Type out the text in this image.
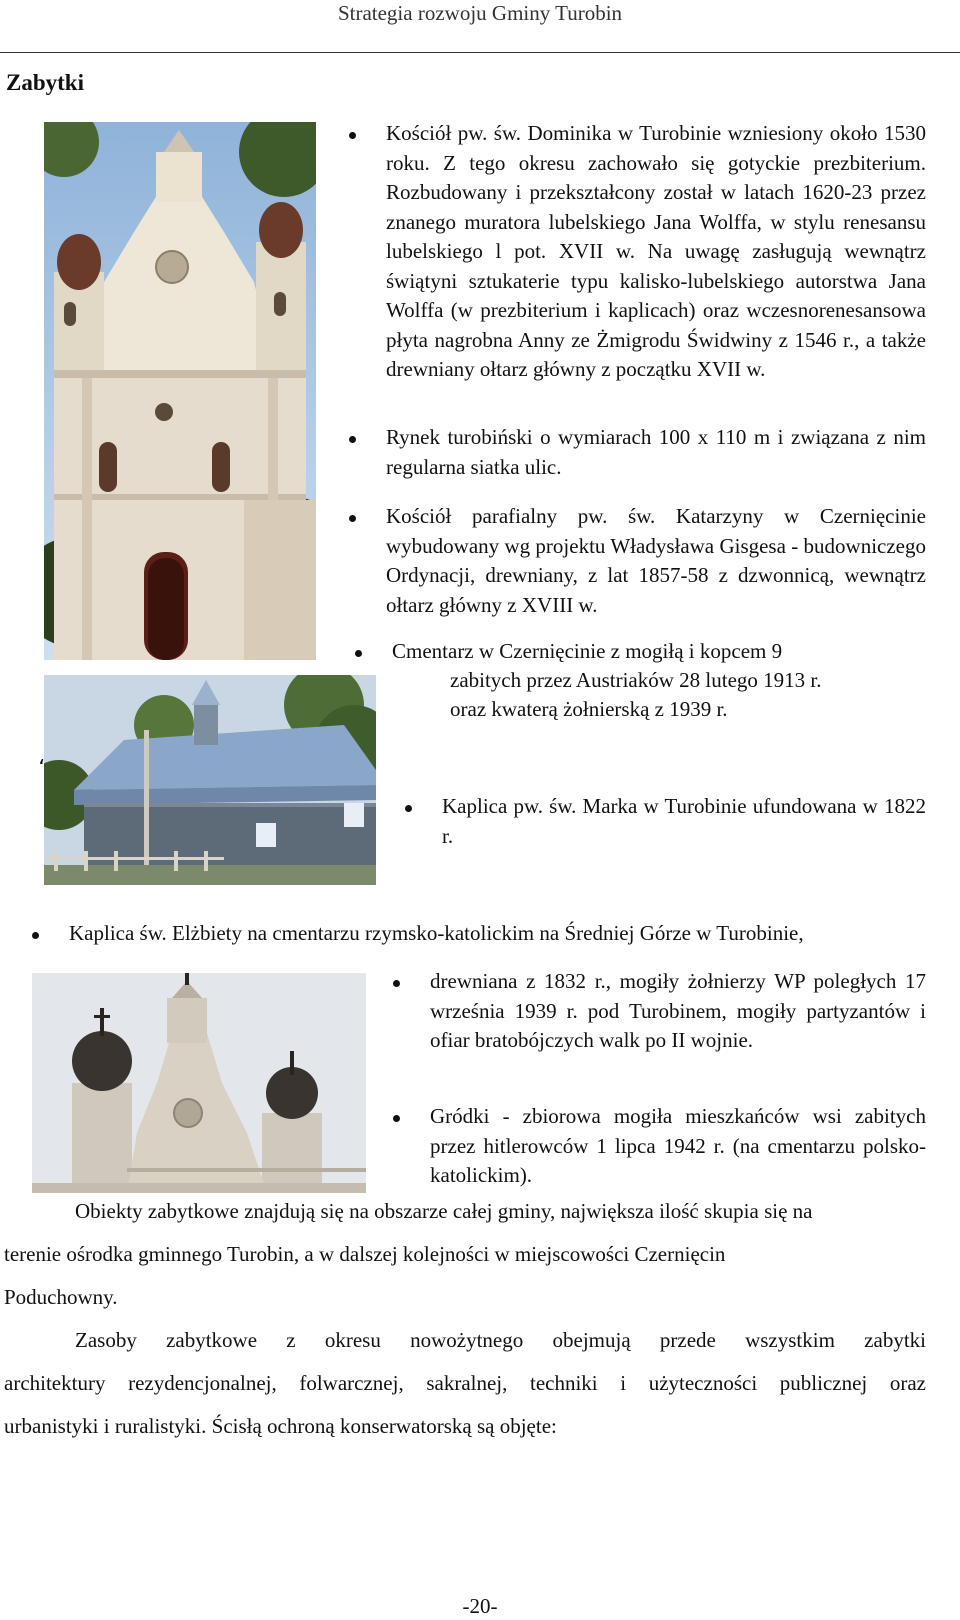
Strategia rozwoju Gminy Turobin
Zabytki
Kościół pw. św. Dominika w Turobinie wzniesiony około 1530 roku. Z tego okresu zachowało się gotyckie prezbiterium. Rozbudowany i przekształcony został w latach 1620-23 przez znanego muratora lubelskiego Jana Wolffa, w stylu renesansu lubelskiego l pot. XVII w. Na uwagę zasługują wewnątrz świątyni sztukaterie typu kalisko-lubelskiego autorstwa Jana Wolffa (w prezbiterium i kaplicach) oraz wczesnorenesansowa płyta nagrobna Anny ze Żmigrodu Świdwiny z 1546 r., a także drewniany ołtarz główny z początku XVII w.
Rynek turobiński o wymiarach 100 x 110 m i związana z nim regularna siatka ulic.
Kościół parafialny pw. św. Katarzyny w Czernięcinie wybudowany wg projektu Władysława Gisgesa - budowniczego Ordynacji, drewniany, z lat 1857-58 z dzwonnicą, wewnątrz ołtarz główny z XVIII w.
Cmentarz w Czernięcinie z mogiłą i kopcem 9
zabitych przez Austriaków 28 lutego 1913 r.
oraz kwaterą żołnierską z 1939 r.
،
Kaplica pw. św. Marka w Turobinie ufundowana w 1822 r.
Kaplica św. Elżbiety na cmentarzu rzymsko-katolickim na Średniej Górze w Turobinie,
drewniana z 1832 r., mogiły żołnierzy WP poległych 17 września 1939 r. pod Turobinem, mogiły partyzantów i ofiar bratobójczych walk po II wojnie.
Gródki - zbiorowa mogiła mieszkańców wsi zabitych przez hitlerowców 1 lipca 1942 r. (na cmentarzu polsko-katolickim).
Obiekty zabytkowe znajdują się na obszarze całej gminy, największa ilość skupia się na
terenie ośrodka gminnego Turobin, a w dalszej kolejności w miejscowości Czernięcin
Poduchowny.
Zasoby zabytkowe z okresu nowożytnego obejmują przede wszystkim zabytki
architektury rezydencjonalnej, folwarcznej, sakralnej, techniki i użyteczności publicznej oraz
urbanistyki i ruralistyki. Ścisłą ochroną konserwatorską są objęte:
-20-
